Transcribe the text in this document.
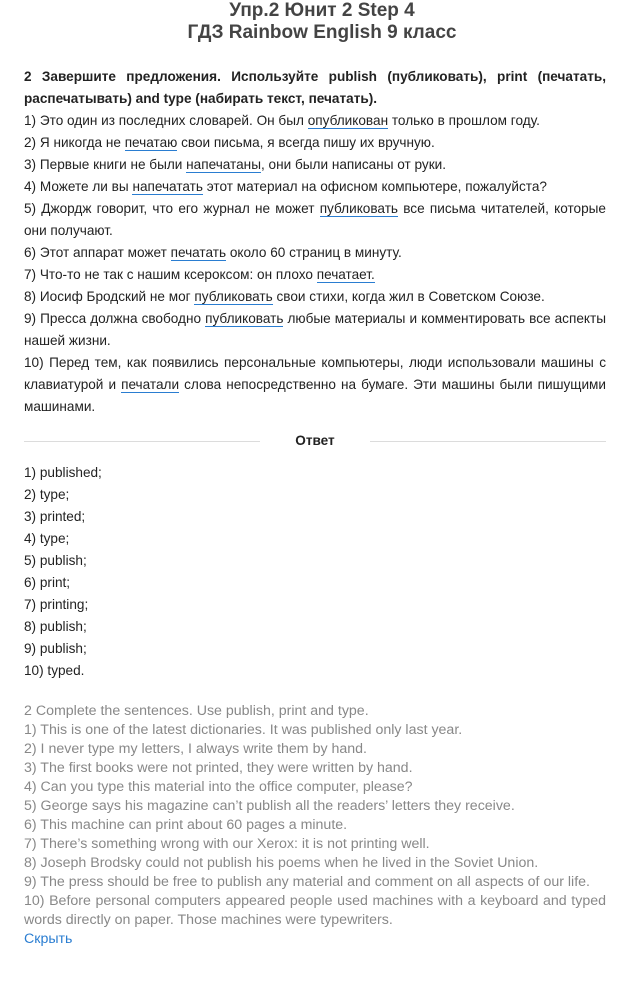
Упр.2 Юнит 2 Step 4
ГДЗ Rainbow English 9 класс

2 Завершите предложения. Используйте publish (публиковать), print (печатать, распечатывать) and type (набирать текст, печатать).

1) Это один из последних словарей. Он был опубликован только в прошлом году.

2) Я никогда не печатаю свои письма, я всегда пишу их вручную.

3) Первые книги не были напечатаны, они были написаны от руки.

4) Можете ли вы напечатать этот материал на офисном компьютере, пожалуйста?

5) Джордж говорит, что его журнал не может публиковать все письма читателей, которые они получают.

6) Этот аппарат может печатать около 60 страниц в минуту.

7) Что-то не так с нашим ксероксом: он плохо печатает.

8) Иосиф Бродский не мог публиковать свои стихи, когда жил в Советском Союзе.

9) Пресса должна свободно публиковать любые материалы и комментировать все аспекты нашей жизни.

10) Перед тем, как появились персональные компьютеры, люди использовали машины с клавиатурой и печатали слова непосредственно на бумаге. Эти машины были пишущими машинами.

Ответ
1) published;
2) type;
3) printed;
4) type;
5) publish;
6) print;
7) printing;
8) publish;
9) publish;
10) typed.
2 Complete the sentences. Use publish, print and type.
1) This is one of the latest dictionaries. It was published only last year.
2) I never type my letters, I always write them by hand.
3) The first books were not printed, they were written by hand.
4) Can you type this material into the office computer, please?
5) George says his magazine can’t publish all the readers’ letters they receive.
6) This machine can print about 60 pages a minute.
7) There’s something wrong with our Xerox: it is not printing well.
8) Joseph Brodsky could not publish his poems when he lived in the Soviet Union.
9) The press should be free to publish any material and comment on all aspects of our life.
10) Before personal computers appeared people used machines with a keyboard and typed words directly on paper. Those machines were typewriters.
Скрыть
